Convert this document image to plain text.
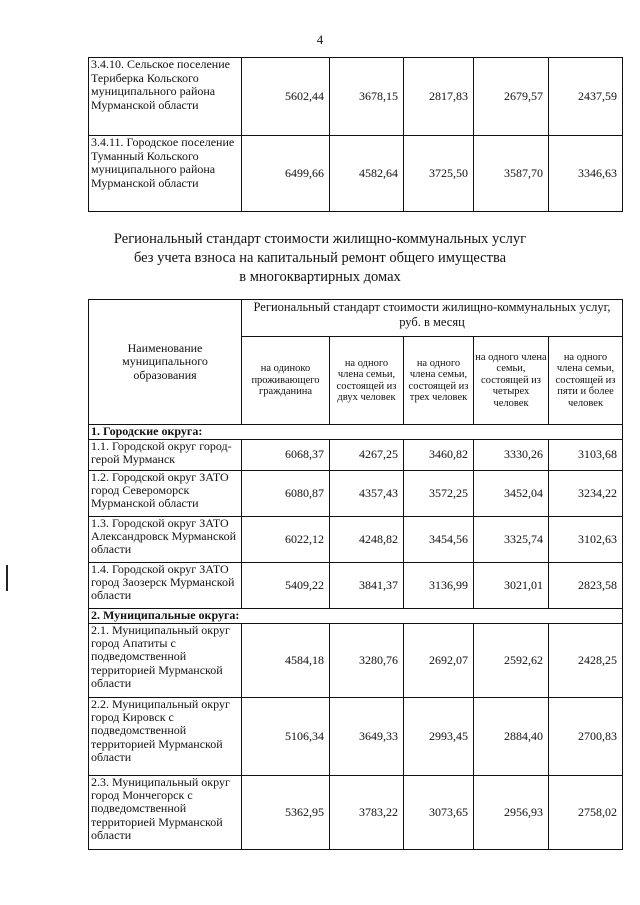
4
3.4.10. Сельское поселение Териберка Кольского муниципального района Мурманской области	5602,44	3678,15	2817,83	2679,57	2437,59
3.4.11. Городское поселение Туманный Кольского муниципального района Мурманской области	6499,66	4582,64	3725,50	3587,70	3346,63
Региональный стандарт стоимости жилищно-коммунальных услуг
без учета взноса на капитальный ремонт общего имущества
в многоквартирных домах
Наименование муниципального образования	Региональный стандарт стоимости жилищно-коммунальных услуг, руб. в месяц				
	на одиноко проживающего гражданина	на одного члена семьи, состоящей из двух человек	на одного члена семьи, состоящей из трех человек	на одного члена семьи, состоящей из четырех человек	на одного члена семьи, состоящей из пяти и более человек
1. Городские округа:					
1.1. Городской округ город-герой Мурманск	6068,37	4267,25	3460,82	3330,26	3103,68
1.2. Городской округ ЗАТО город Североморск Мурманской области	6080,87	4357,43	3572,25	3452,04	3234,22
1.3. Городской округ ЗАТО Александровск Мурманской области	6022,12	4248,82	3454,56	3325,74	3102,63
1.4. Городской округ ЗАТО город Заозерск Мурманской области	5409,22	3841,37	3136,99	3021,01	2823,58
2. Муниципальные округа:					
2.1. Муниципальный округ город Апатиты с подведомственной территорией Мурманской области	4584,18	3280,76	2692,07	2592,62	2428,25
2.2. Муниципальный округ город Кировск с подведомственной территорией Мурманской области	5106,34	3649,33	2993,45	2884,40	2700,83
2.3. Муниципальный округ город Мончегорск с подведомственной территорией Мурманской области	5362,95	3783,22	3073,65	2956,93	2758,02
